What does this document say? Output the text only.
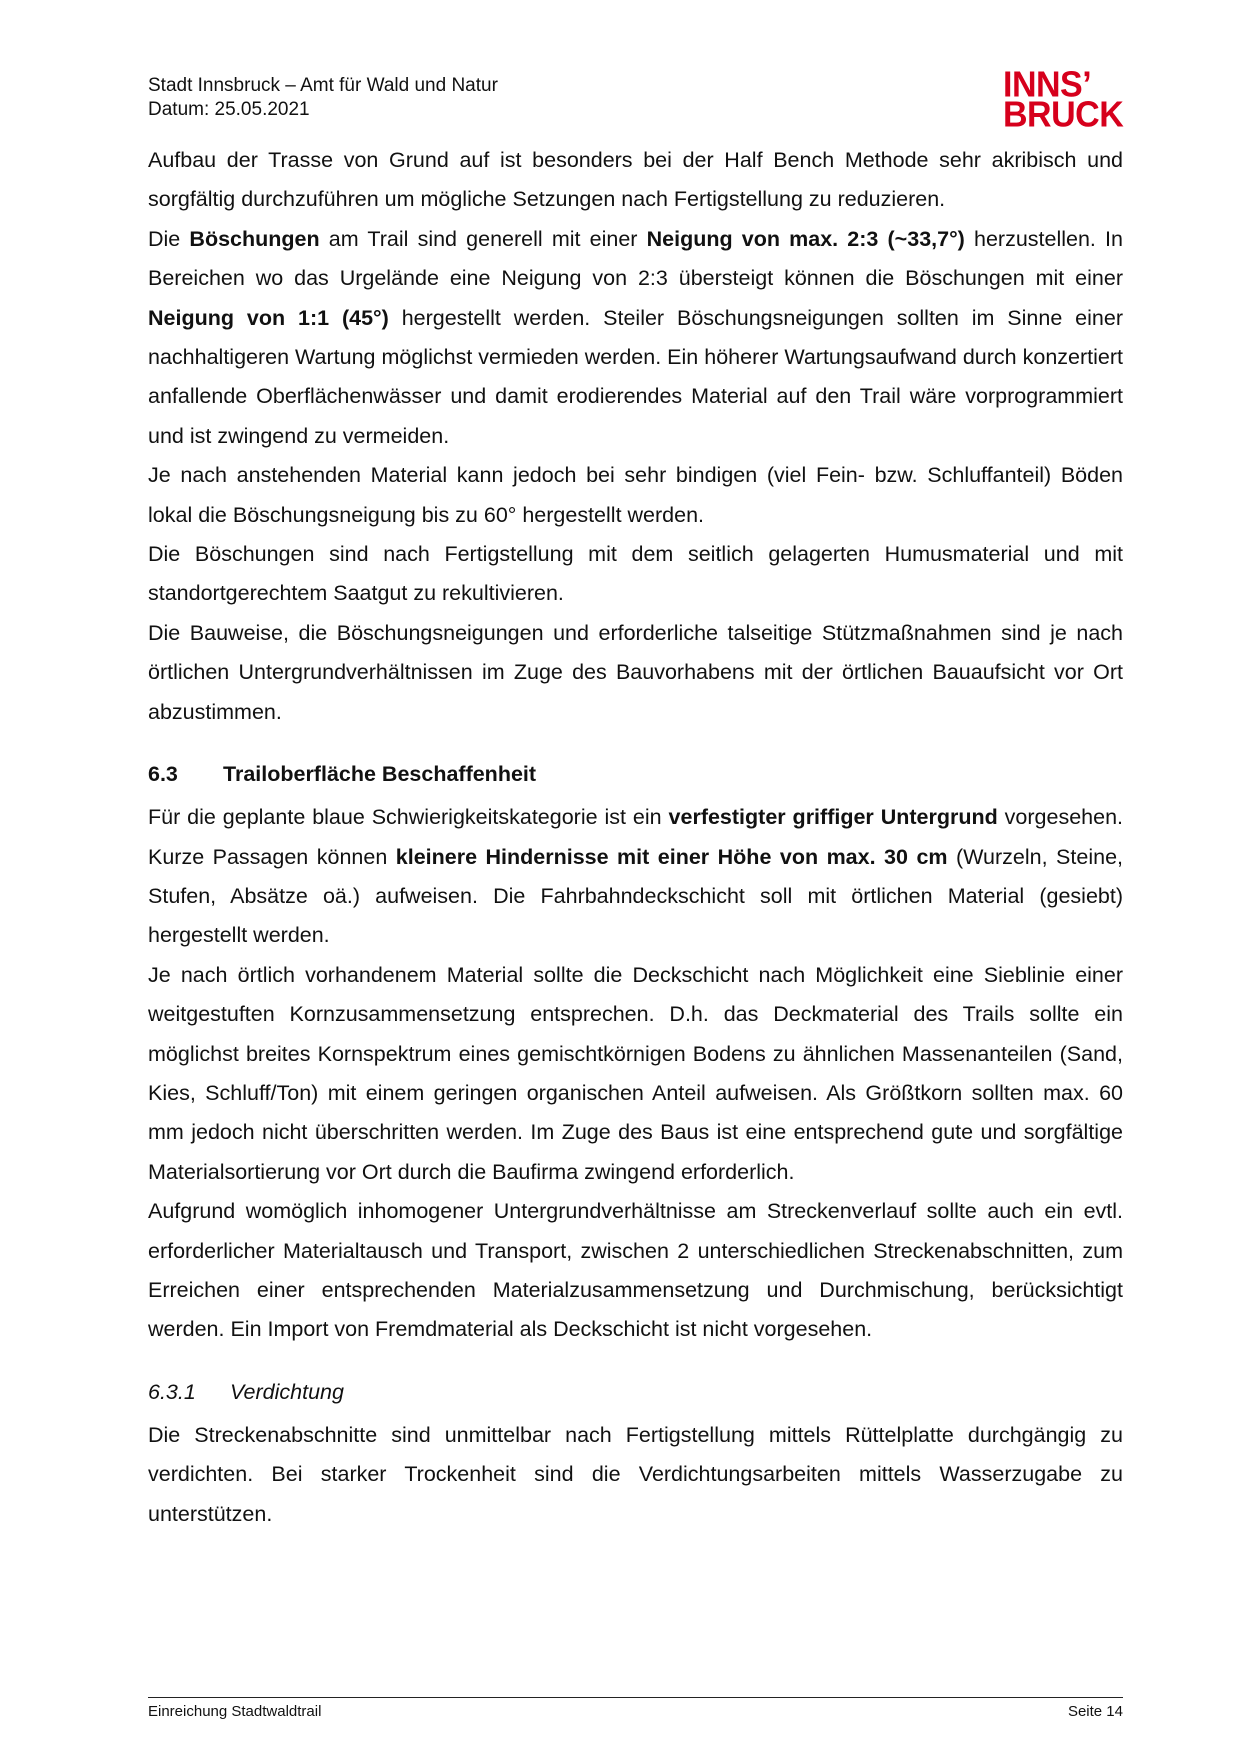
Stadt Innsbruck – Amt für Wald und Natur
Datum: 25.05.2021
INNS’
BRUCK

Aufbau der Trasse von Grund auf ist besonders bei der Half Bench Methode sehr akribisch und sorgfältig durchzuführen um mögliche Setzungen nach Fertigstellung zu reduzieren.

Die Böschungen am Trail sind generell mit einer Neigung von max. 2:3 (~33,7°) herzustellen. In Bereichen wo das Urgelände eine Neigung von 2:3 übersteigt können die Böschungen mit einer Neigung von 1:1 (45°) hergestellt werden. Steiler Böschungsneigungen sollten im Sinne einer nachhaltigeren Wartung möglichst vermieden werden. Ein höherer Wartungsaufwand durch konzertiert anfallende Oberflächenwässer und damit erodierendes Material auf den Trail wäre vorprogrammiert und ist zwingend zu vermeiden.

Je nach anstehenden Material kann jedoch bei sehr bindigen (viel Fein- bzw. Schluffanteil) Böden lokal die Böschungsneigung bis zu 60° hergestellt werden.

Die Böschungen sind nach Fertigstellung mit dem seitlich gelagerten Humusmaterial und mit standortgerechtem Saatgut zu rekultivieren.

Die Bauweise, die Böschungsneigungen und erforderliche talseitige Stützmaßnahmen sind je nach örtlichen Untergrundverhältnissen im Zuge des Bauvorhabens mit der örtlichen Bauaufsicht vor Ort abzustimmen.

6.3 Trailoberfläche Beschaffenheit

Für die geplante blaue Schwierigkeitskategorie ist ein verfestigter griffiger Untergrund vorgesehen. Kurze Passagen können kleinere Hindernisse mit einer Höhe von max. 30 cm (Wurzeln, Steine, Stufen, Absätze oä.) aufweisen. Die Fahrbahndeckschicht soll mit örtlichen Material (gesiebt) hergestellt werden.

Je nach örtlich vorhandenem Material sollte die Deckschicht nach Möglichkeit eine Sieblinie einer weitgestuften Kornzusammensetzung entsprechen. D.h. das Deckmaterial des Trails sollte ein möglichst breites Kornspektrum eines gemischtkörnigen Bodens zu ähnlichen Massenanteilen (Sand, Kies, Schluff/Ton) mit einem geringen organischen Anteil aufweisen. Als Größtkorn sollten max. 60 mm jedoch nicht überschritten werden. Im Zuge des Baus ist eine entsprechend gute und sorgfältige Materialsortierung vor Ort durch die Baufirma zwingend erforderlich.

Aufgrund womöglich inhomogener Untergrundverhältnisse am Streckenverlauf sollte auch ein evtl. erforderlicher Materialtausch und Transport, zwischen 2 unterschiedlichen Streckenabschnitten, zum Erreichen einer entsprechenden Materialzusammensetzung und Durchmischung, berücksichtigt werden. Ein Import von Fremdmaterial als Deckschicht ist nicht vorgesehen.

6.3.1 Verdichtung

Die Streckenabschnitte sind unmittelbar nach Fertigstellung mittels Rüttelplatte durchgängig zu verdichten. Bei starker Trockenheit sind die Verdichtungsarbeiten mittels Wasserzugabe zu unterstützen.

Einreichung Stadtwaldtrail	Seite 14
